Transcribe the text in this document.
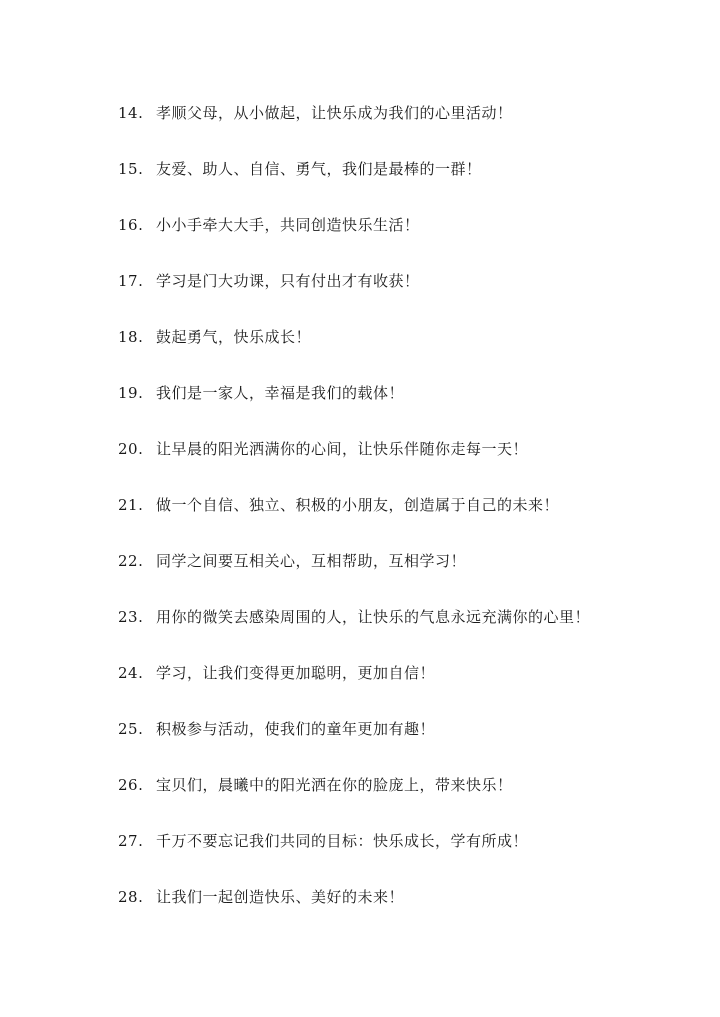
14. 孝顺父母，从小做起，让快乐成为我们的心里活动！
15. 友爱、助人、自信、勇气，我们是最棒的一群！
16. 小小手牵大大手，共同创造快乐生活！
17. 学习是门大功课，只有付出才有收获！
18. 鼓起勇气，快乐成长！
19. 我们是一家人，幸福是我们的载体！
20. 让早晨的阳光洒满你的心间，让快乐伴随你走每一天！
21. 做一个自信、独立、积极的小朋友，创造属于自己的未来！
22. 同学之间要互相关心，互相帮助，互相学习！
23. 用你的微笑去感染周围的人，让快乐的气息永远充满你的心里！
24. 学习，让我们变得更加聪明，更加自信！
25. 积极参与活动，使我们的童年更加有趣！
26. 宝贝们，晨曦中的阳光洒在你的脸庞上，带来快乐！
27. 千万不要忘记我们共同的目标：快乐成长，学有所成！
28. 让我们一起创造快乐、美好的未来！
